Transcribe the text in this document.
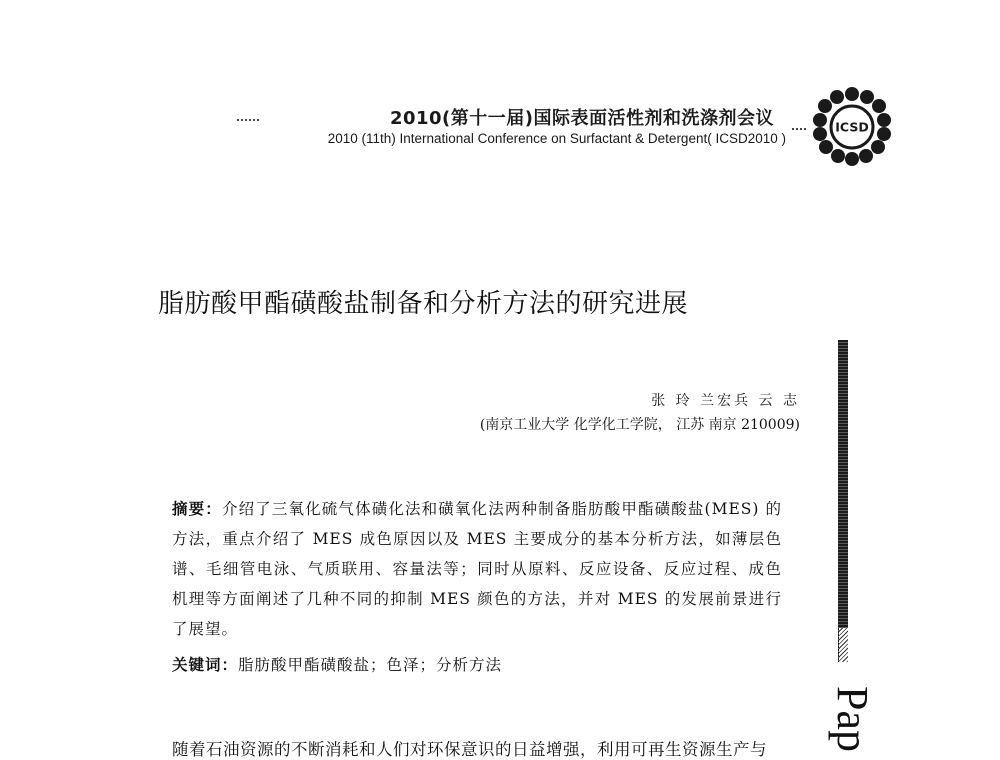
2010(第十一届)国际表面活性剂和洗涤剂会议
2010 (11th) International Conference on Surfactant & Detergent( ICSD2010 )
ICSD
脂肪酸甲酯磺酸盐制备和分析方法的研究进展
Pap
张 玲 兰宏兵 云 志
(南京工业大学 化学化工学院， 江苏 南京 210009)
摘要：介绍了三氧化硫气体磺化法和磺氧化法两种制备脂肪酸甲酯磺酸盐(MES) 的方法，重点介绍了 MES 成色原因以及 MES 主要成分的基本分析方法，如薄层色谱、毛细管电泳、气质联用、容量法等；同时从原料、反应设备、反应过程、成色机理等方面阐述了几种不同的抑制 MES 颜色的方法，并对 MES 的发展前景进行了展望。
关键词：脂肪酸甲酯磺酸盐；色泽；分析方法
随着石油资源的不断消耗和人们对环保意识的日益增强，利用可再生资源生产与
